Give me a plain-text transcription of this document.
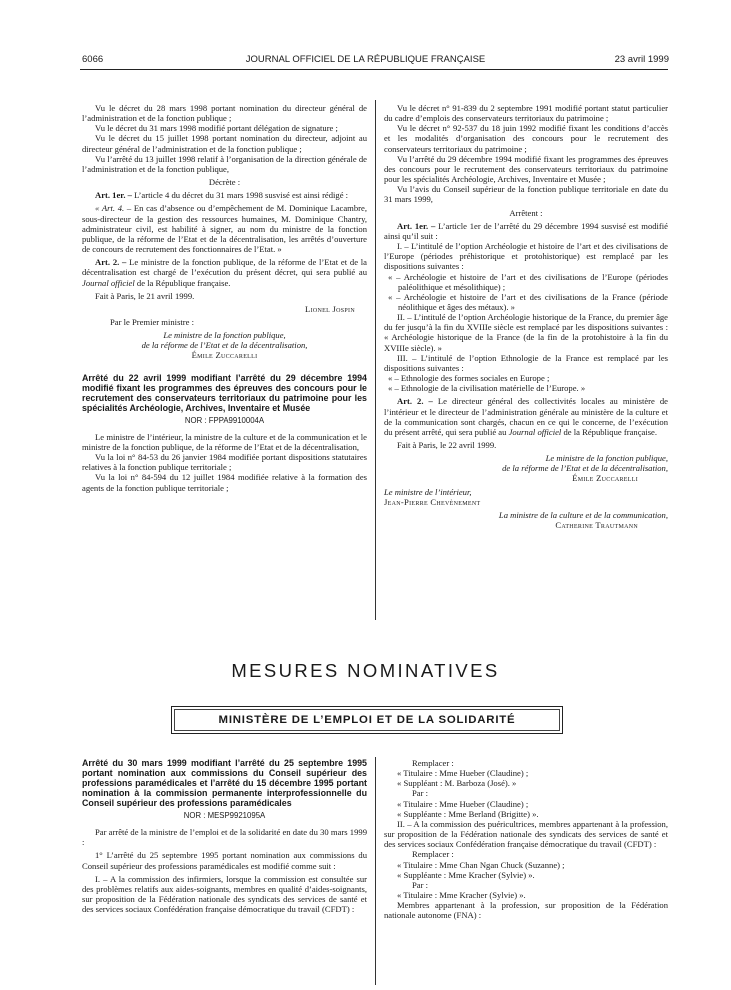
6066	JOURNAL OFFICIEL DE LA RÉPUBLIQUE FRANÇAISE	23 avril 1999

Vu le décret du 28 mars 1998 portant nomination du directeur général de l’administration et de la fonction publique ;

Vu le décret du 31 mars 1998 modifié portant délégation de signature ;

Vu le décret du 15 juillet 1998 portant nomination du directeur, adjoint au directeur général de l’administration et de la fonction publique ;

Vu l’arrêté du 13 juillet 1998 relatif à l’organisation de la direction générale de l’administration et de la fonction publique,

Décrète :

Art. 1er. – L’article 4 du décret du 31 mars 1998 susvisé est ainsi rédigé :

« Art. 4. – En cas d’absence ou d’empêchement de M. Dominique Lacambre, sous-directeur de la gestion des ressources humaines, M. Dominique Chantry, administrateur civil, est habilité à signer, au nom du ministre de la fonction publique, de la réforme de l’Etat et de la décentralisation, les arrêtés d’ouverture de concours de recrutement des fonctionnaires de l’Etat. »

Art. 2. – Le ministre de la fonction publique, de la réforme de l’Etat et de la décentralisation est chargé de l’exécution du présent décret, qui sera publié au Journal officiel de la République française.

Fait à Paris, le 21 avril 1999.

Lionel Jospin

Par le Premier ministre :

Le ministre de la fonction publique,

de la réforme de l’Etat et de la décentralisation,

Émile Zuccarelli

Arrêté du 22 avril 1999 modifiant l’arrêté du 29 décembre 1994 modifié fixant les programmes des épreuves des concours pour le recrutement des conservateurs territoriaux du patrimoine pour les spécialités Archéologie, Archives, Inventaire et Musée

NOR : FPPA9910004A

Le ministre de l’intérieur, la ministre de la culture et de la communication et le ministre de la fonction publique, de la réforme de l’Etat et de la décentralisation,

Vu la loi n° 84-53 du 26 janvier 1984 modifiée portant dispositions statutaires relatives à la fonction publique territoriale ;

Vu la loi n° 84-594 du 12 juillet 1984 modifiée relative à la formation des agents de la fonction publique territoriale ;

Vu le décret n° 91-839 du 2 septembre 1991 modifié portant statut particulier du cadre d’emplois des conservateurs territoriaux du patrimoine ;

Vu le décret n° 92-537 du 18 juin 1992 modifié fixant les conditions d’accès et les modalités d’organisation des concours pour le recrutement des conservateurs territoriaux du patrimoine ;

Vu l’arrêté du 29 décembre 1994 modifié fixant les programmes des épreuves des concours pour le recrutement des conservateurs territoriaux du patrimoine pour les spécialités Archéologie, Archives, Inventaire et Musée ;

Vu l’avis du Conseil supérieur de la fonction publique territoriale en date du 31 mars 1999,

Arrêtent :

Art. 1er. – L’article 1er de l’arrêté du 29 décembre 1994 susvisé est modifié ainsi qu’il suit :

I. – L’intitulé de l’option Archéologie et histoire de l’art et des civilisations de l’Europe (périodes préhistorique et protohistorique) est remplacé par les dispositions suivantes :

« – Archéologie et histoire de l’art et des civilisations de l’Europe (périodes paléolithique et mésolithique) ;

« – Archéologie et histoire de l’art et des civilisations de la France (période néolithique et âges des métaux). »

II. – L’intitulé de l’option Archéologie historique de la France, du premier âge du fer jusqu’à la fin du XVIIIe siècle est remplacé par les dispositions suivantes : « Archéologie historique de la France (de la fin de la protohistoire à la fin du XVIIIe siècle). »

III. – L’intitulé de l’option Ethnologie de la France est remplacé par les dispositions suivantes :

« – Ethnologie des formes sociales en Europe ;

« – Ethnologie de la civilisation matérielle de l’Europe. »

Art. 2. – Le directeur général des collectivités locales au ministère de l’intérieur et le directeur de l’administration générale au ministère de la culture et de la communication sont chargés, chacun en ce qui le concerne, de l’exécution du présent arrêté, qui sera publié au Journal officiel de la République française.

Fait à Paris, le 22 avril 1999.

Le ministre de la fonction publique,

de la réforme de l’Etat et de la décentralisation,

Émile Zuccarelli

Le ministre de l’intérieur,

Jean-Pierre Chevènement

La ministre de la culture et de la communication,

Catherine Trautmann

MESURES NOMINATIVES
MINISTÈRE DE L’EMPLOI ET DE LA SOLIDARITÉ

Arrêté du 30 mars 1999 modifiant l’arrêté du 25 septembre 1995 portant nomination aux commissions du Conseil supérieur des professions paramédicales et l’arrêté du 15 décembre 1995 portant nomination à la commission permanente interprofessionnelle du Conseil supérieur des professions paramédicales

NOR : MESP9921095A

Par arrêté de la ministre de l’emploi et de la solidarité en date du 30 mars 1999 :

1° L’arrêté du 25 septembre 1995 portant nomination aux commissions du Conseil supérieur des professions paramédicales est modifié comme suit :

I. – A la commission des infirmiers, lorsque la commission est consultée sur des problèmes relatifs aux aides-soignants, membres en qualité d’aides-soignants, sur proposition de la Fédération nationale des syndicats des services de santé et des services sociaux Confédération française démocratique du travail (CFDT) :

Remplacer :

« Titulaire : Mme Hueber (Claudine) ;

« Suppléant : M. Barboza (José). »

Par :

« Titulaire : Mme Hueber (Claudine) ;

« Suppléante : Mme Berland (Brigitte) ».

II. – A la commission des puéricultrices, membres appartenant à la profession, sur proposition de la Fédération nationale des syndicats des services de santé et des services sociaux Confédération française démocratique du travail (CFDT) :

Remplacer :

« Titulaire : Mme Chan Ngan Chuck (Suzanne) ;

« Suppléante : Mme Kracher (Sylvie) ».

Par :

« Titulaire : Mme Kracher (Sylvie) ».

Membres appartenant à la profession, sur proposition de la Fédération nationale autonome (FNA) :
